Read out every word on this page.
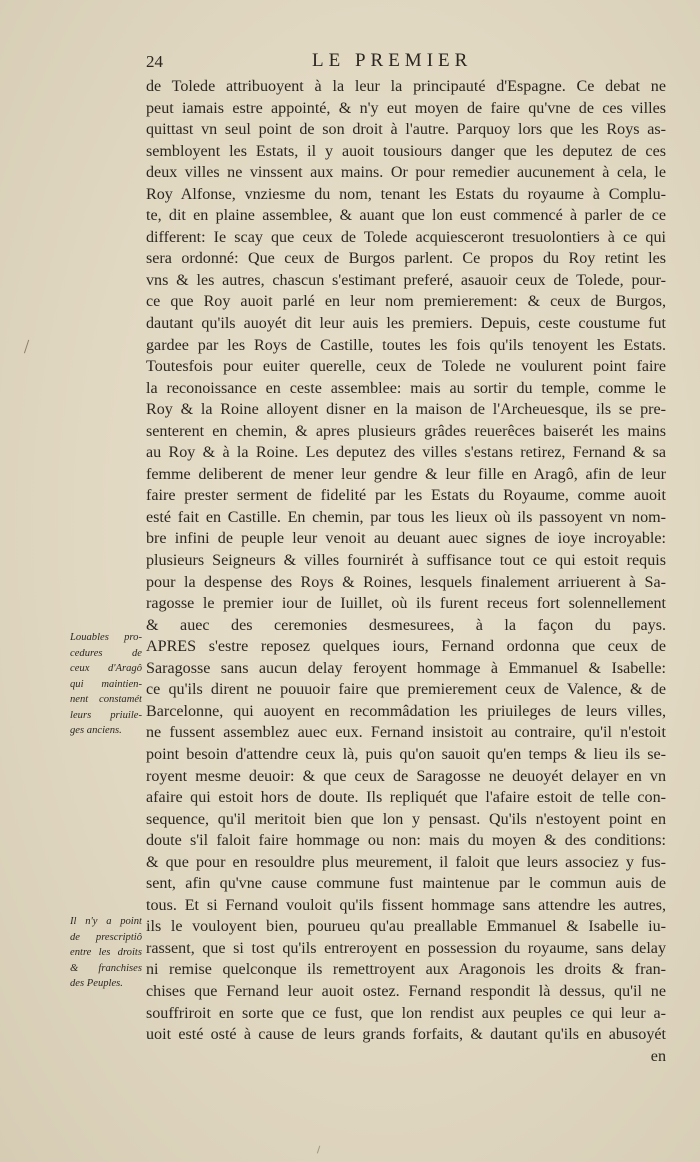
24	LE PREMIER
de Tolede attribuoyent à la leur la principauté d'Espagne. Ce debat ne
peut iamais estre appointé, & n'y eut moyen de faire qu'vne de ces villes
quittast vn seul point de son droit à l'autre. Parquoy lors que les Roys as-
sembloyent les Estats, il y auoit tousiours danger que les deputez de ces
deux villes ne vinssent aux mains. Or pour remedier aucunement à cela, le
Roy Alfonse, vnziesme du nom, tenant les Estats du royaume à Complu-
te, dit en plaine assemblee, & auant que lon eust commencé à parler de ce
different: Ie scay que ceux de Tolede acquiesceront tresuolontiers à ce qui
sera ordonné: Que ceux de Burgos parlent. Ce propos du Roy retint les
vns & les autres, chascun s'estimant preferé, asauoir ceux de Tolede, pour-
ce que Roy auoit parlé en leur nom premierement: & ceux de Burgos,
dautant qu'ils auoyét dit leur auis les premiers. Depuis, ceste coustume fut
gardee par les Roys de Castille, toutes les fois qu'ils tenoyent les Estats.
Toutesfois pour euiter querelle, ceux de Tolede ne voulurent point faire
la reconoissance en ceste assemblee: mais au sortir du temple, comme le
Roy & la Roine alloyent disner en la maison de l'Archeuesque, ils se pre-
senterent en chemin, & apres plusieurs grâdes reuerêces baiserét les mains
au Roy & à la Roine. Les deputez des villes s'estans retirez, Fernand & sa
femme deliberent de mener leur gendre & leur fille en Aragô, afin de leur
faire prester serment de fidelité par les Estats du Royaume, comme auoit
esté fait en Castille. En chemin, par tous les lieux où ils passoyent vn nom-
bre infini de peuple leur venoit au deuant auec signes de ioye incroyable:
plusieurs Seigneurs & villes fournirét à suffisance tout ce qui estoit requis
pour la despense des Roys & Roines, lesquels finalement arriuerent à Sa-
ragosse le premier iour de Iuillet, où ils furent receus fort solennellement
& auec des ceremonies desmesurees, à la façon du pays.
APRES s'estre reposez quelques iours, Fernand ordonna que ceux de
Saragosse sans aucun delay feroyent hommage à Emmanuel & Isabelle:
ce qu'ils dirent ne pouuoir faire que premierement ceux de Valence, & de
Barcelonne, qui auoyent en recommâdation les priuileges de leurs villes,
ne fussent assemblez auec eux. Fernand insistoit au contraire, qu'il n'estoit
point besoin d'attendre ceux là, puis qu'on sauoit qu'en temps & lieu ils se-
royent mesme deuoir: & que ceux de Saragosse ne deuoyét delayer en vn
afaire qui estoit hors de doute. Ils repliquét que l'afaire estoit de telle con-
sequence, qu'il meritoit bien que lon y pensast. Qu'ils n'estoyent point en
doute s'il faloit faire hommage ou non: mais du moyen & des conditions:
& que pour en resouldre plus meurement, il faloit que leurs associez y fus-
sent, afin qu'vne cause commune fust maintenue par le commun auis de
tous. Et si Fernand vouloit qu'ils fissent hommage sans attendre les autres,
ils le vouloyent bien, pourueu qu'au preallable Emmanuel & Isabelle iu-
rassent, que si tost qu'ils entreroyent en possession du royaume, sans delay
ni remise quelconque ils remettroyent aux Aragonois les droits & fran-
chises que Fernand leur auoit ostez. Fernand respondit là dessus, qu'il ne
souffriroit en sorte que ce fust, que lon rendist aux peuples ce qui leur a-
uoit esté osté à cause de leurs grands forfaits, & dautant qu'ils en abusoyét
en
Louables pro-
cedures de
ceux d'Aragô
qui maintien-
nent constamét
leurs priuile-
ges anciens.
Il n'y a point
de prescriptiô
entre les droits
& franchises
des Peuples.
